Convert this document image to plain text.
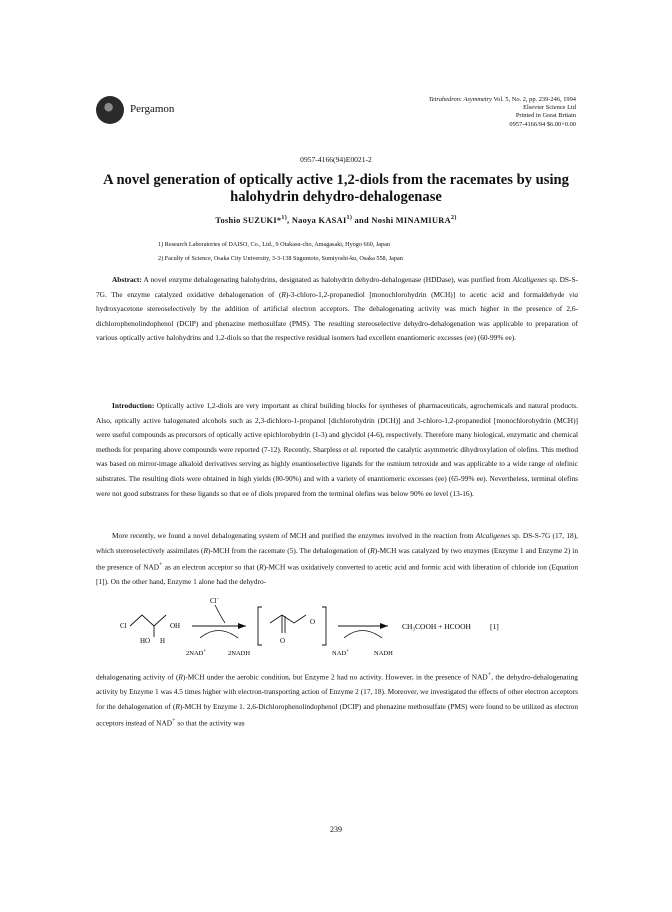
Pergamon
Tetrahedron: Asymmetry Vol. 5, No. 2, pp. 239-246, 1994
Elsevier Science Ltd
Printed in Great Britain
0957-4166/94 $6.00+0.00
0957-4166(94)E0021-2
A novel generation of optically active 1,2-diols from the racemates by using halohydrin dehydro-dehalogenase
Toshio SUZUKI*$^{1)}$, Naoya KASAI$^{1)}$ and Noshi MINAMIURA$^{2)}$
1) Research Laboratories of DAISO, Co., Ltd., 9 Otakasu-cho, Amagasaki, Hyogo 660, Japan
2) Faculty of Science, Osaka City University, 3-3-138 Sugumoto, Sumiyoshi-ku, Osaka 558, Japan
Abstract: A novel enzyme dehalogenating halohydrins, designated as halohydrin dehydro-dehalogenase (HDDase), was purified from Alcaligenes sp. DS-S-7G. The enzyme catalyzed oxidative dehalogenation of (R)-3-chloro-1,2-propanediol [monochlorohydrin (MCH)] to acetic acid and formaldehyde via hydroxyacetone stereoselectively by the addition of artificial electron acceptors. The dehalogenating activity was much higher in the presence of 2,6-dichlorophenolindophenol (DCIP) and phenazine methosulfate (PMS). The resulting stereoselective dehydro-dehalogenation was applicable to preparation of various optically active halohydrins and 1,2-diols so that the respective residual isomers had excellent enantiomeric excesses (ee) (60-99% ee).
Introduction: Optically active 1,2-diols are very important as chiral building blocks for syntheses of pharmaceuticals, agrochemicals and natural products. Also, optically active halogenated alcohols such as 2,3-dichloro-1-propanol [dichlorohydrin (DCH)] and 3-chloro-1,2-propanediol [monochlorohydrin (MCH)] were useful compounds as precursors of optically active epichlorohydrin (1-3) and glycidol (4-6), respectively. Therefore many biological, enzymatic and chemical methods for preparing above compounds were reported (7-12). Recently, Sharpless et al. reported the catalytic asymmetric dihydroxylation of olefins. This method was based on mirror-image alkaloid derivatives serving as highly enantioselective ligands for the osmium tetroxide and was applicable to a wide range of olefinic substrates. The resulting diols were obtained in high yields (80-90%) and with a variety of enantiomeric excesses (ee) (65-99% ee). Nevertheless, terminal olefins were not good substrates for these ligands so that ee of diols prepared from the terminal olefins was below 90% ee level (13-16).
More recently, we found a novel dehalogenating system of MCH and purified the enzymes involved in the reaction from Alcaligenes sp. DS-S-7G (17, 18), which stereoselectively assimilates (R)-MCH from the racemate (5). The dehalogenation of (R)-MCH was catalyzed by two enzymes (Enzyme 1 and Enzyme 2) in the presence of NAD+ as an electron acceptor so that (R)-MCH was oxidatively converted to acetic acid and formic acid with liberation of chloride ion (Equation [1]). On the other hand, Enzyme 1 alone had the dehydro-
Cl	OH
HO H
Cl−
2NAD+	2NADH
O
O
NAD+	NADH
CH₃COOH + HCOOH	[1]
dehalogenating activity of (R)-MCH under the aerobic condition, but Enzyme 2 had no activity. However, in the presence of NAD+, the dehydro-dehalogenating activity by Enzyme 1 was 4.5 times higher with electron-transporting action of Enzyme 2 (17, 18). Moreover, we investigated the effects of other electron acceptors for the dehalogenation of (R)-MCH by Enzyme 1. 2,6-Dichlorophenolindophenol (DCIP) and phenazine methosulfate (PMS) were found to be utilized as electron acceptors instead of NAD+ so that the activity was
239
